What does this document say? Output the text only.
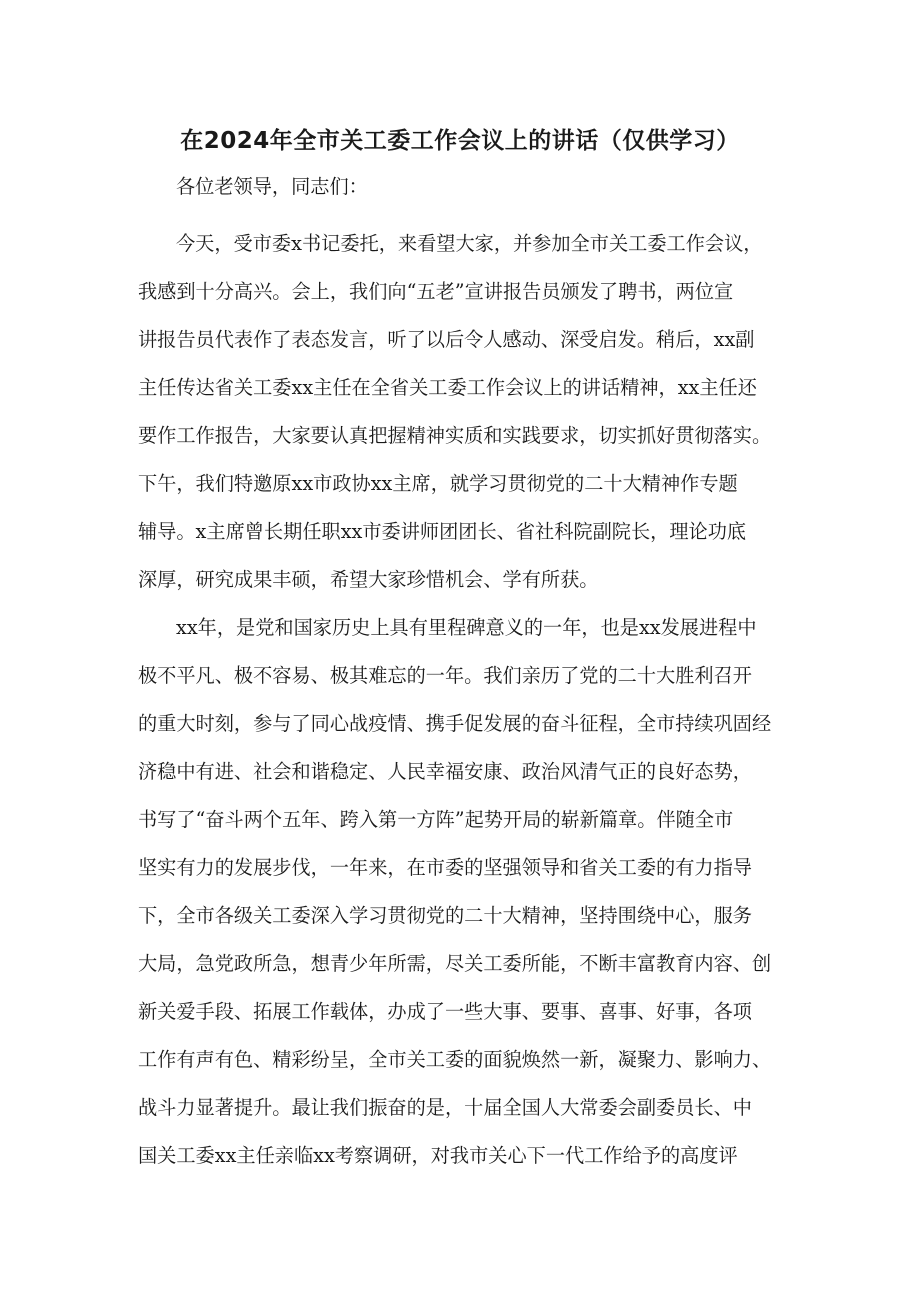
在2024年全市关工委工作会议上的讲话（仅供学习）

各位老领导，同志们：

今天，受市委x书记委托，来看望大家，并参加全市关工委工作会议，

我感到十分高兴。会上，我们向“五老”宣讲报告员颁发了聘书，两位宣

讲报告员代表作了表态发言，听了以后令人感动、深受启发。稍后，xx副

主任传达省关工委xx主任在全省关工委工作会议上的讲话精神，xx主任还

要作工作报告，大家要认真把握精神实质和实践要求，切实抓好贯彻落实。

下午，我们特邀原xx市政协xx主席，就学习贯彻党的二十大精神作专题

辅导。x主席曾长期任职xx市委讲师团团长、省社科院副院长，理论功底

深厚，研究成果丰硕，希望大家珍惜机会、学有所获。

xx年，是党和国家历史上具有里程碑意义的一年，也是xx发展进程中

极不平凡、极不容易、极其难忘的一年。我们亲历了党的二十大胜利召开

的重大时刻，参与了同心战疫情、携手促发展的奋斗征程，全市持续巩固经

济稳中有进、社会和谐稳定、人民幸福安康、政治风清气正的良好态势，

书写了“奋斗两个五年、跨入第一方阵”起势开局的崭新篇章。伴随全市

坚实有力的发展步伐，一年来，在市委的坚强领导和省关工委的有力指导

下，全市各级关工委深入学习贯彻党的二十大精神，坚持围绕中心，服务

大局，急党政所急，想青少年所需，尽关工委所能，不断丰富教育内容、创

新关爱手段、拓展工作载体，办成了一些大事、要事、喜事、好事，各项

工作有声有色、精彩纷呈，全市关工委的面貌焕然一新，凝聚力、影响力、

战斗力显著提升。最让我们振奋的是，十届全国人大常委会副委员长、中

国关工委xx主任亲临xx考察调研，对我市关心下一代工作给予的高度评
